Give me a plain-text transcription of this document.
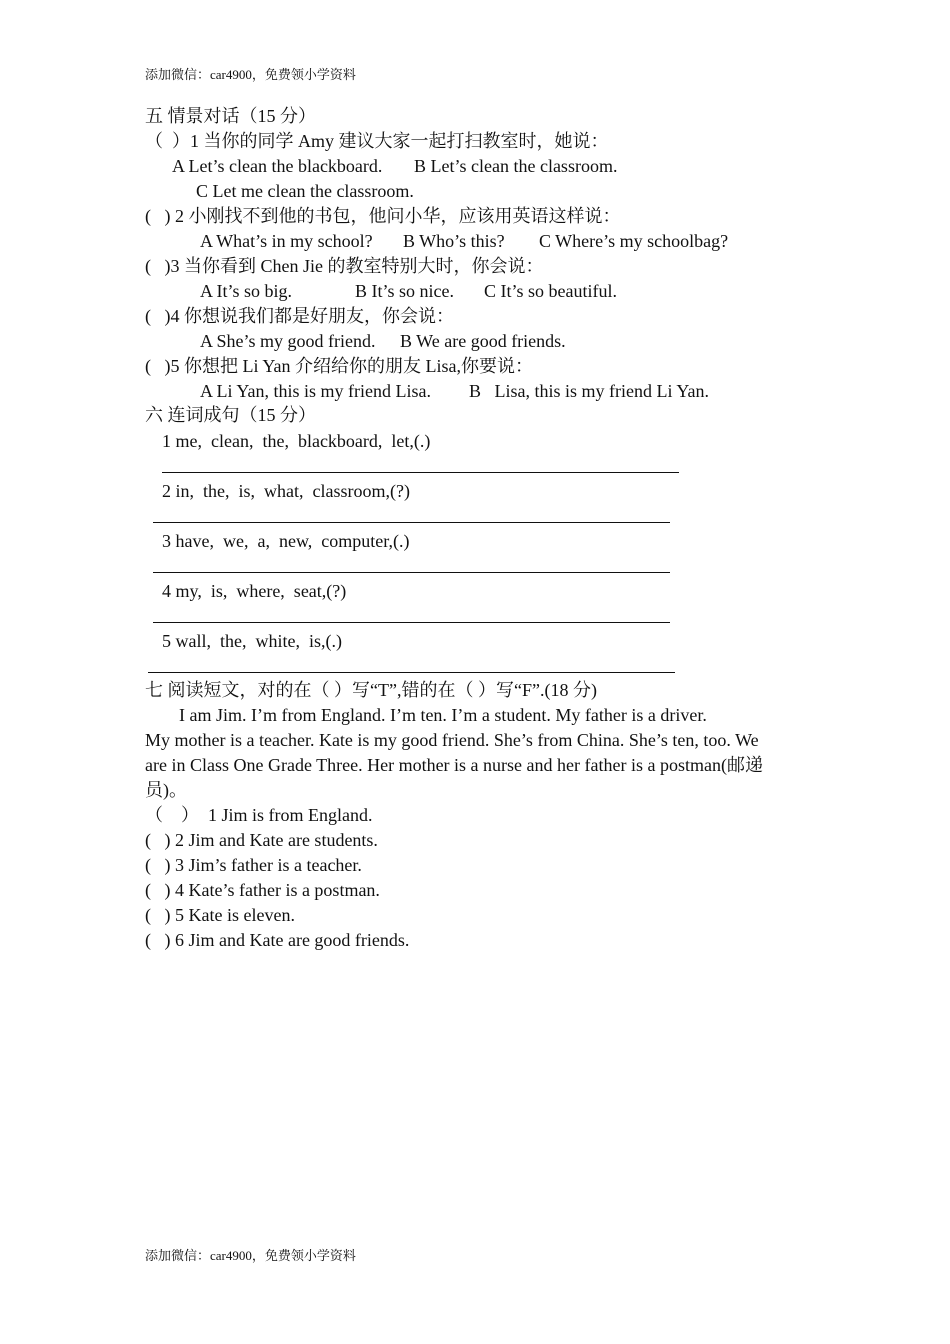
添加微信：car4900，免费领小学资料
五 情景对话（15 分）
（  ）1 当你的同学 Amy 建议大家一起打扫教室时，她说：
A Let’s clean the blackboard. B Let’s clean the classroom.
C Let me clean the classroom.
(   ) 2 小刚找不到他的书包，他问小华，应该用英语这样说：
A What’s in my school? B Who’s this? C Where’s my schoolbag?
(   )3 当你看到 Chen Jie 的教室特别大时，你会说：
A It’s so big.	B It’s so nice. C It’s so beautiful.
(   )4 你想说我们都是好朋友，你会说：
A She’s my good friend. B We are good friends.
(   )5 你想把 Li Yan 介绍给你的朋友 Lisa,你要说：
A Li Yan, this is my friend Lisa. B   Lisa, this is my friend Li Yan.
六 连词成句（15 分）
1 me,  clean,  the,  blackboard,  let,(.)
2 in,  the,  is,  what,  classroom,(?)
3 have,  we,  a,  new,  computer,(.)
4 my,  is,  where,  seat,(?)
5 wall,  the,  white,  is,(.)
七 阅读短文，对的在（ ）写“T”,错的在（ ）写“F”.(18 分)
I am Jim. I’m from England. I’m ten. I’m a student. My father is a driver.
My mother is a teacher. Kate is my good friend. She’s from China. She’s ten, too. We
are in Class One Grade Three. Her mother is a nurse and her father is a postman(邮递
员)。
（    ）  1 Jim is from England.
(   ) 2 Jim and Kate are students.
(   ) 3 Jim’s father is a teacher.
(   ) 4 Kate’s father is a postman.
(   ) 5 Kate is eleven.
(   ) 6 Jim and Kate are good friends.
添加微信：car4900，免费领小学资料
